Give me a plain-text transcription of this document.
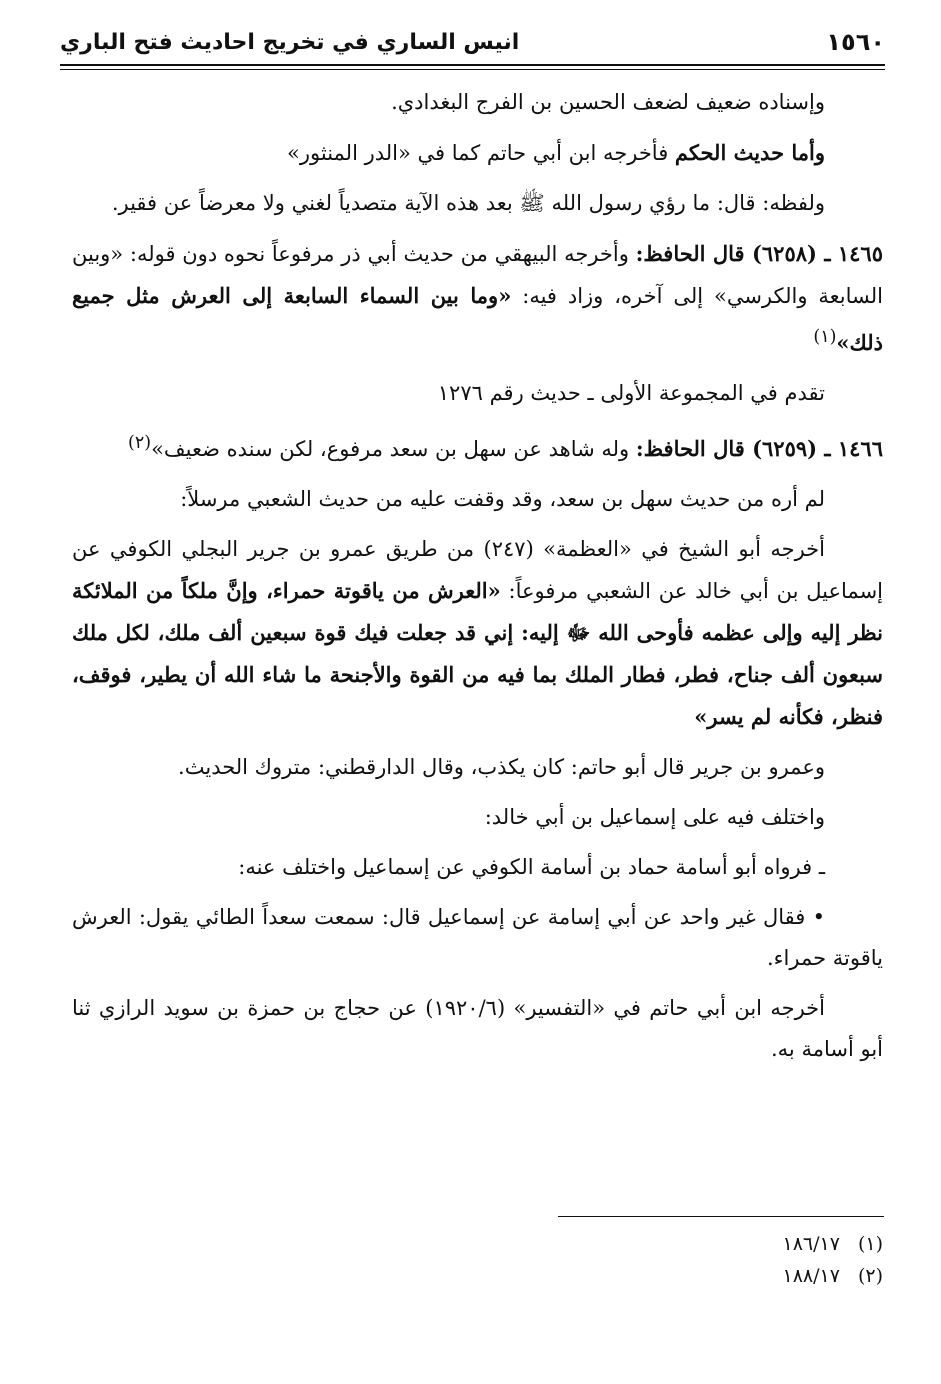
انيس الساري في تخريج احاديث فتح الباري	١٥٦٠

وإسناده ضعيف لضعف الحسين بن الفرج البغدادي.

وأما حديث الحكم فأخرجه ابن أبي حاتم كما في «الدر المنثور»

ولفظه: قال: ما رؤي رسول الله ﷺ بعد هذه الآية متصدياً لغني ولا معرضاً عن فقير.

١٤٦٥ ـ (٦٢٥٨) قال الحافظ: وأخرجه البيهقي من حديث أبي ذر مرفوعاً نحوه دون قوله: «وبين السابعة والكرسي» إلى آخره، وزاد فيه: «وما بين السماء السابعة إلى العرش مثل جميع ذلك»$^{(١)}$

تقدم في المجموعة الأولى ـ حديث رقم ١٢٧٦

١٤٦٦ ـ (٦٢٥٩) قال الحافظ: وله شاهد عن سهل بن سعد مرفوع، لكن سنده ضعيف»$^{(٢)}$

لم أره من حديث سهل بن سعد، وقد وقفت عليه من حديث الشعبي مرسلاً:

أخرجه أبو الشيخ في «العظمة» (٢٤٧) من طريق عمرو بن جرير البجلي الكوفي عن إسماعيل بن أبي خالد عن الشعبي مرفوعاً: «العرش من ياقوتة حمراء، وإنَّ ملكاً من الملائكة نظر إليه وإلى عظمه فأوحى الله ﷻ إليه: إني قد جعلت فيك قوة سبعين ألف ملك، لكل ملك سبعون ألف جناح، فطر، فطار الملك بما فيه من القوة والأجنحة ما شاء الله أن يطير، فوقف، فنظر، فكأنه لم يسر»

وعمرو بن جرير قال أبو حاتم: كان يكذب، وقال الدارقطني: متروك الحديث.

واختلف فيه على إسماعيل بن أبي خالد:

ـ فرواه أبو أسامة حماد بن أسامة الكوفي عن إسماعيل واختلف عنه:

• فقال غير واحد عن أبي إسامة عن إسماعيل قال: سمعت سعداً الطائي يقول: العرش ياقوتة حمراء.

أخرجه ابن أبي حاتم في «التفسير» (١٩٢٠/٦) عن حجاج بن حمزة بن سويد الرازي ثنا أبو أسامة به.

(١)١٨٦/١٧
(٢)١٨٨/١٧
